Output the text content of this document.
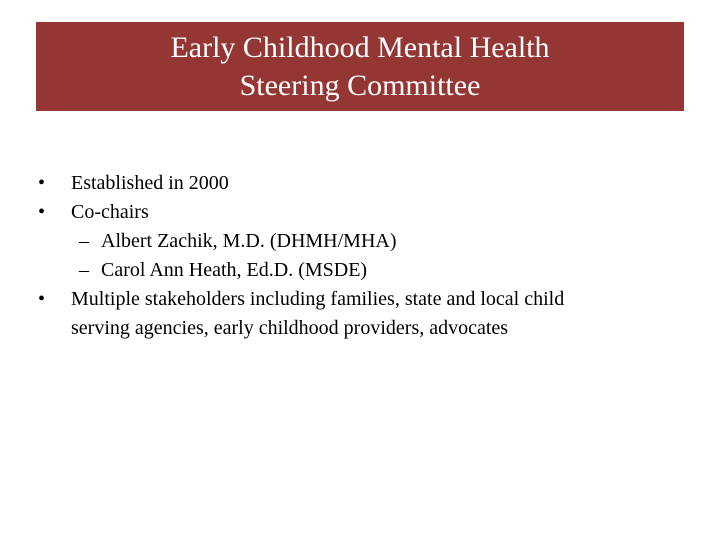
Early Childhood Mental Health
Steering Committee
•	Established in 2000
•	Co-chairs
– Albert Zachik, M.D. (DHMH/MHA)
– Carol Ann Heath, Ed.D. (MSDE)
•	Multiple stakeholders including families, state and local child
serving agencies, early childhood providers, advocates
